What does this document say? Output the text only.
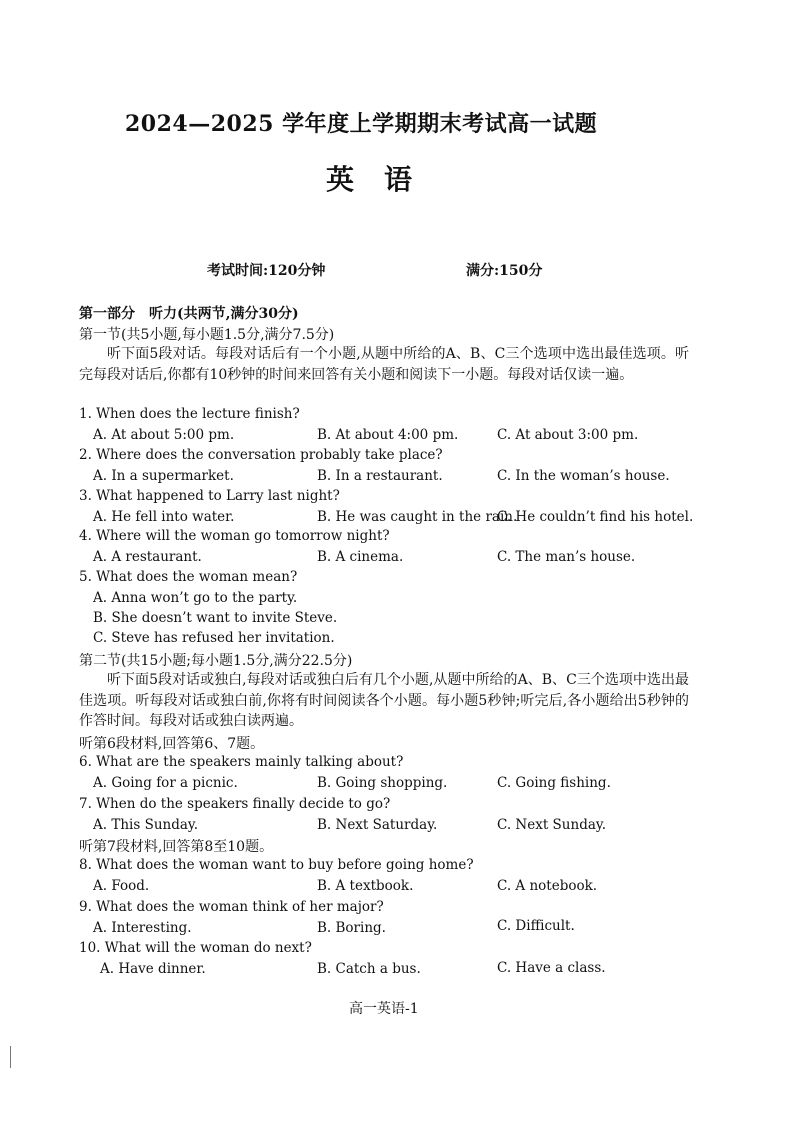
2024—2025 学年度上学期期末考试高一试题
英语
考试时间:120分钟	满分:150分
第一部分　听力(共两节,满分30分)
第一节(共5小题,每小题1.5分,满分7.5分)
听下面5段对话。每段对话后有一个小题,从题中所给的A、B、C三个选项中选出最佳选项。听完每段对话后,你都有10秒钟的时间来回答有关小题和阅读下一小题。每段对话仅读一遍。
1. When does the lecture finish?
A. At about 5:00 pm.	B. At about 4:00 pm.	C. At about 3:00 pm.
2. Where does the conversation probably take place?
A. In a supermarket.	B. In a restaurant.	C. In the woman’s house.
3. What happened to Larry last night?
A. He fell into water.	B. He was caught in the rain.
C. He couldn’t find his hotel.
4. Where will the woman go tomorrow night?
A. A restaurant.	B. A cinema.	C. The man’s house.
5. What does the woman mean?
A. Anna won’t go to the party.
B. She doesn’t want to invite Steve.
C. Steve has refused her invitation.
第二节(共15小题;每小题1.5分,满分22.5分)
听下面5段对话或独白,每段对话或独白后有几个小题,从题中所给的A、B、C三个选项中选出最佳选项。听每段对话或独白前,你将有时间阅读各个小题。每小题5秒钟;听完后,各小题给出5秒钟的作答时间。每段对话或独白读两遍。
听第6段材料,回答第6、7题。
6. What are the speakers mainly talking about?
A. Going for a picnic.	B. Going shopping.	C. Going fishing.
7. When do the speakers finally decide to go?
A. This Sunday.	B. Next Saturday.	C. Next Sunday.
听第7段材料,回答第8至10题。
8. What does the woman want to buy before going home?
A. Food.	B. A textbook.	C. A notebook.
9. What does the woman think of her major?
A. Interesting.	B. Boring.	C. Difficult.
10. What will the woman do next?
A. Have dinner.	B. Catch a bus.	C. Have a class.
高一英语-1
